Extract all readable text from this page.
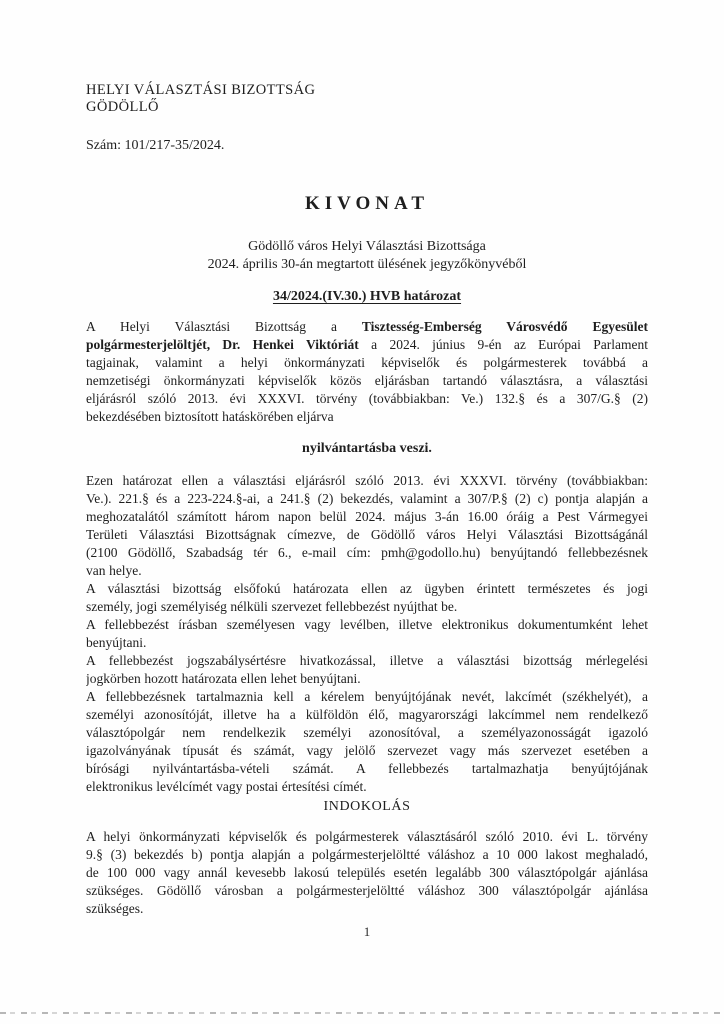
HELYI VÁLASZTÁSI BIZOTTSÁG
GÖDÖLLŐ
Szám: 101/217-35/2024.
KIVONAT
Gödöllő város Helyi Választási Bizottsága
2024. április 30-án megtartott ülésének jegyzőkönyvéből
34/2024.(IV.30.) HVB határozat
A Helyi Választási Bizottság a Tisztesség-Emberség Városvédő Egyesület
polgármesterjelöltjét, Dr. Henkei Viktóriát a 2024. június 9-én az Európai Parlament
tagjainak, valamint a helyi önkormányzati képviselők és polgármesterek továbbá a
nemzetiségi önkormányzati képviselők közös eljárásban tartandó választásra, a választási
eljárásról szóló 2013. évi XXXVI. törvény (továbbiakban: Ve.) 132.§ és a 307/G.§ (2)
bekezdésében biztosított hatáskörében eljárva
nyilvántartásba veszi.
Ezen határozat ellen a választási eljárásról szóló 2013. évi XXXVI. törvény (továbbiakban:
Ve.). 221.§ és a 223-224.§-ai, a 241.§ (2) bekezdés, valamint a 307/P.§ (2) c) pontja alapján a
meghozatalától számított három napon belül 2024. május 3-án 16.00 óráig a Pest Vármegyei
Területi Választási Bizottságnak címezve, de Gödöllő város Helyi Választási Bizottságánál
(2100 Gödöllő, Szabadság tér 6., e-mail cím: pmh@godollo.hu) benyújtandó fellebbezésnek
van helye.
A választási bizottság elsőfokú határozata ellen az ügyben érintett természetes és jogi
személy, jogi személyiség nélküli szervezet fellebbezést nyújthat be.
A fellebbezést írásban személyesen vagy levélben, illetve elektronikus dokumentumként lehet
benyújtani.
A fellebbezést jogszabálysértésre hivatkozással, illetve a választási bizottság mérlegelési
jogkörben hozott határozata ellen lehet benyújtani.
A fellebbezésnek tartalmaznia kell a kérelem benyújtójának nevét, lakcímét (székhelyét), a
személyi azonosítóját, illetve ha a külföldön élő, magyarországi lakcímmel nem rendelkező
választópolgár nem rendelkezik személyi azonosítóval, a személyazonosságát igazoló
igazolványának típusát és számát, vagy jelölő szervezet vagy más szervezet esetében a
bírósági nyilvántartásba-vételi számát. A fellebbezés tartalmazhatja benyújtójának
elektronikus levélcímét vagy postai értesítési címét.
INDOKOLÁS
A helyi önkormányzati képviselők és polgármesterek választásáról szóló 2010. évi L. törvény
9.§ (3) bekezdés b) pontja alapján a polgármesterjelöltté váláshoz a 10 000 lakost meghaladó,
de 100 000 vagy annál kevesebb lakosú település esetén legalább 300 választópolgár ajánlása
szükséges. Gödöllő városban a polgármesterjelöltté váláshoz 300 választópolgár ajánlása
szükséges.
1
